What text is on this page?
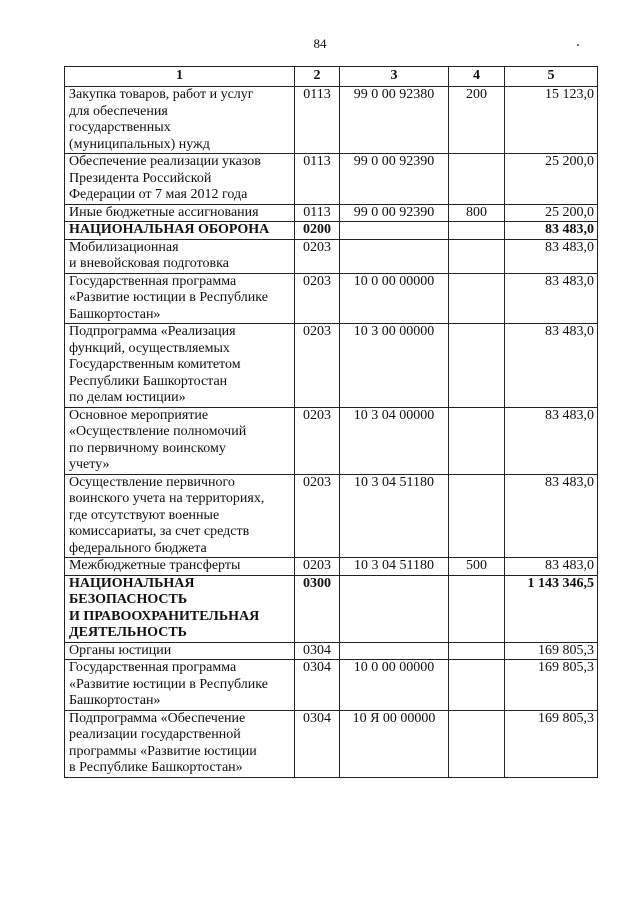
84
1	2	3	4	5
Закупка товаров, работ и услуг
для обеспечения
государственных
(муниципальных) нужд	0113	99 0 00 92380	200	15 123,0
Обеспечение реализации указов
Президента Российской
Федерации от 7 мая 2012 года	0113	99 0 00 92390		25 200,0
Иные бюджетные ассигнования	0113	99 0 00 92390	800	25 200,0
НАЦИОНАЛЬНАЯ ОБОРОНА	0200			83 483,0
Мобилизационная
и вневойсковая подготовка	0203			83 483,0
Государственная программа
«Развитие юстиции в Республике
Башкортостан»	0203	10 0 00 00000		83 483,0
Подпрограмма «Реализация
функций, осуществляемых
Государственным комитетом
Республики Башкортостан
по делам юстиции»	0203	10 3 00 00000		83 483,0
Основное мероприятие
«Осуществление полномочий
по первичному воинскому
учету»	0203	10 3 04 00000		83 483,0
Осуществление первичного
воинского учета на территориях,
где отсутствуют военные
комиссариаты, за счет средств
федерального бюджета	0203	10 3 04 51180		83 483,0
Межбюджетные трансферты	0203	10 3 04 51180	500	83 483,0
НАЦИОНАЛЬНАЯ
БЕЗОПАСНОСТЬ
И ПРАВООХРАНИТЕЛЬНАЯ
ДЕЯТЕЛЬНОСТЬ	0300			1 143 346,5
Органы юстиции	0304			169 805,3
Государственная программа
«Развитие юстиции в Республике
Башкортостан»	0304	10 0 00 00000		169 805,3
Подпрограмма «Обеспечение
реализации государственной
программы «Развитие юстиции
в Республике Башкортостан»	0304	10 Я 00 00000		169 805,3
